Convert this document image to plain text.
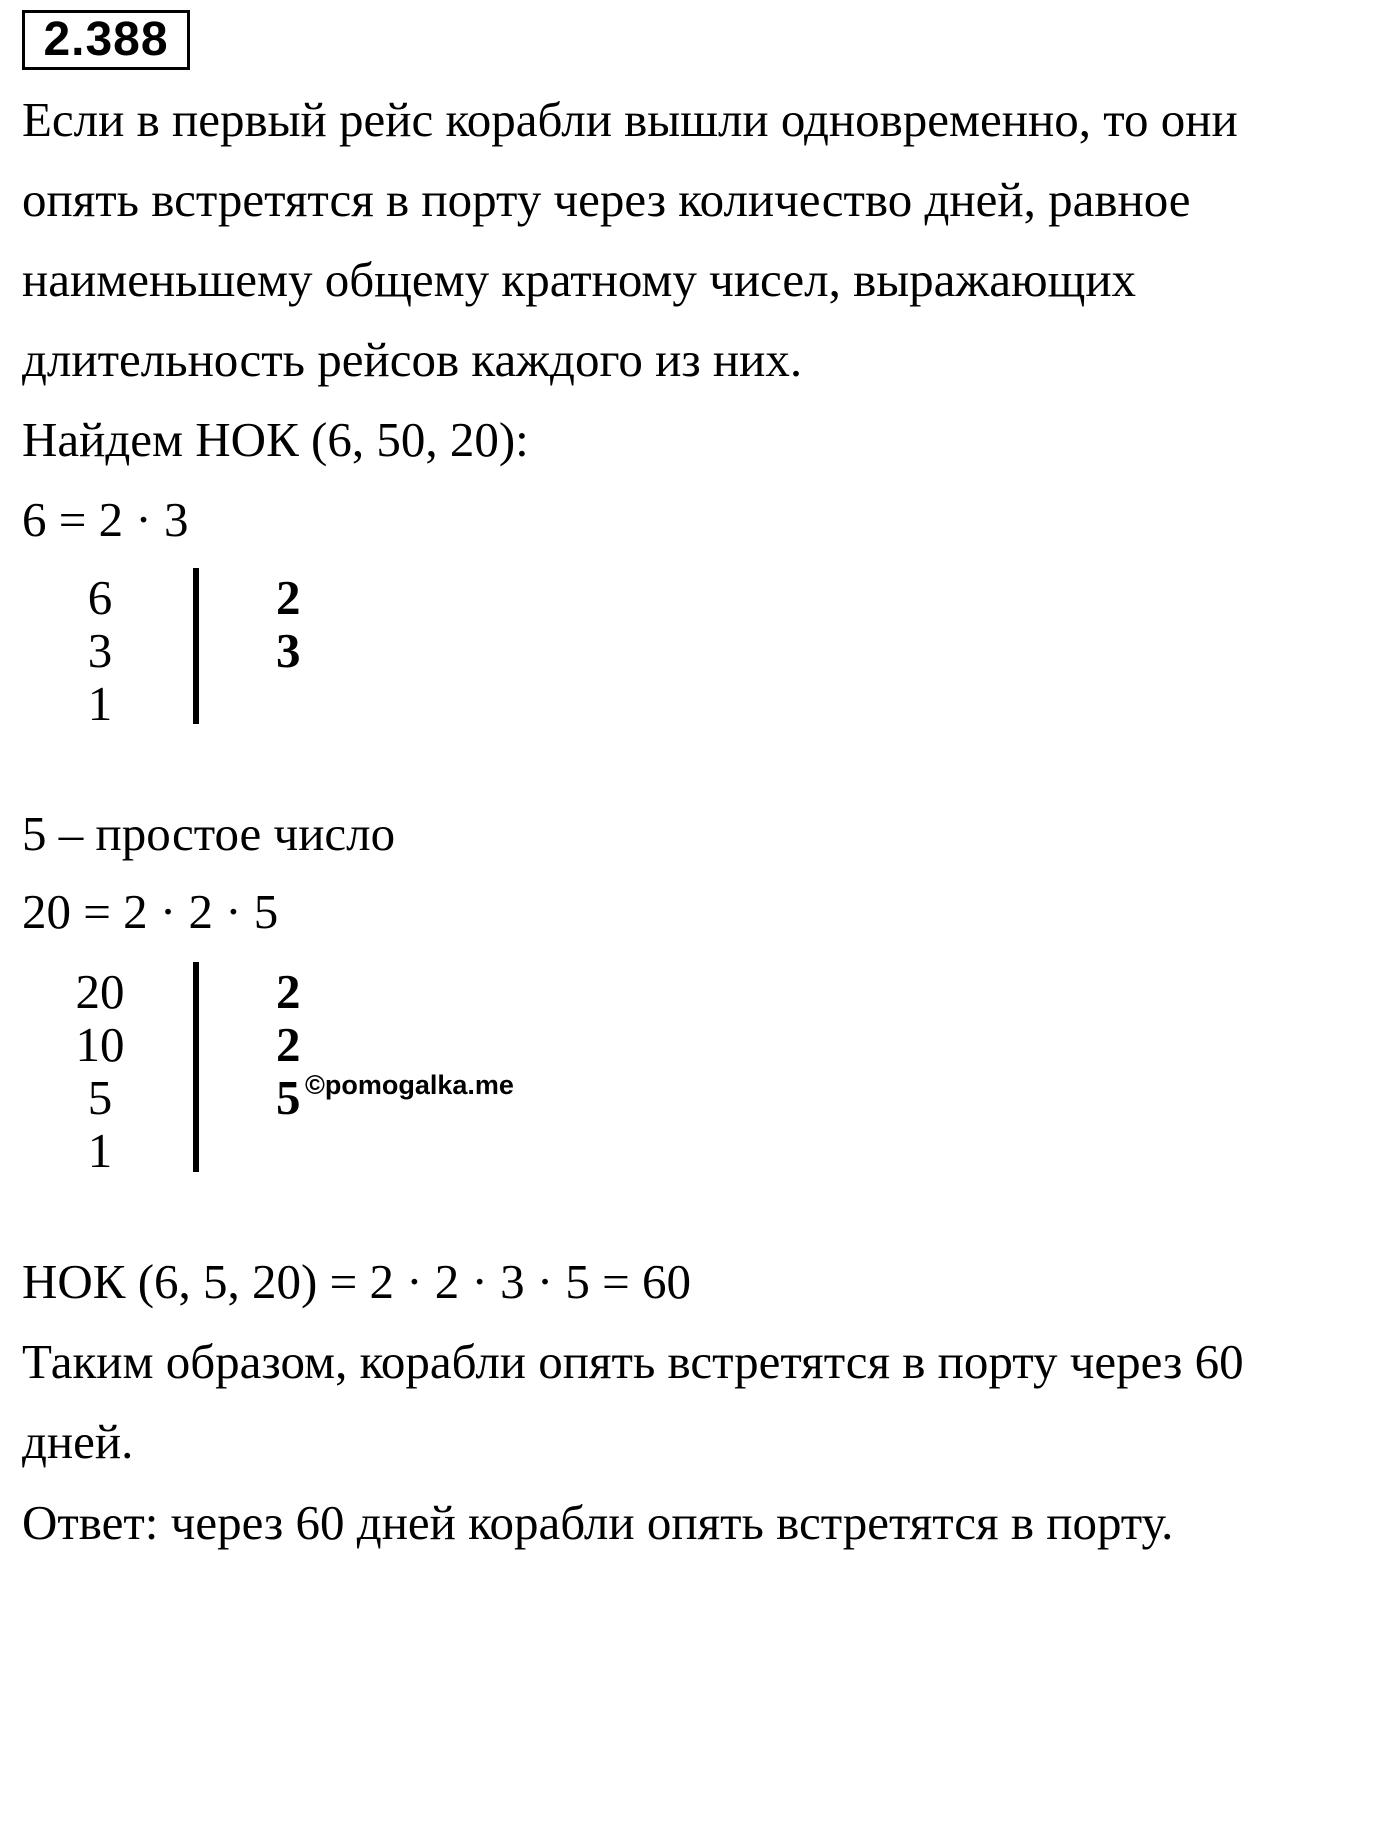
2.388
Если в первый рейс корабли вышли одновременно, то они
опять встретятся в порту через количество дней, равное
наименьшему общему кратному чисел, выражающих
длительность рейсов каждого из них.
Найдем НОК (6, 50, 20):
6 = 2 · 3
6
3
1
2
3
5 – простое число
20 = 2 · 2 · 5
20
10
5
1
2
2
5 ©pomogalka.me
НОК (6, 5, 20) = 2 · 2 · 3 · 5 = 60
Таким образом, корабли опять встретятся в порту через 60
дней.
Ответ: через 60 дней корабли опять встретятся в порту.
